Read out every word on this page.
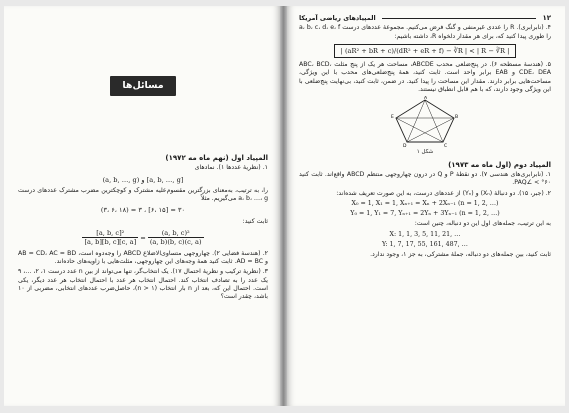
مسائل‌ها
المپیاد اول (نهم ماه مه ۱۹۷۲)

۱. (نظریهٔ عددها ۱). نمادهای

(a, b, …, g) و [a, b, …, g]

را، به ترتیب، به‌معنای بزرگترین مقسوم‌علیه مشترک و کوچکترین مضرب مشترک عددهای درست a، b، …، g می‌گیریم. مثلاً

(۳، ۶، ۱۸) = ۳ ، [۶، ۱۵] = ۳۰

ثابت کنید:

$\frac{\text{[a, b, c]²}}{[a, b][b, c][c, a]} = \frac{\text{(a, b, c)²}}{(a, b)(b, c)(c, a)}$

۲. (هندسهٔ فضایی ۲). چهاروجهی متساوی‌الاضلاع ABCD را وجه‌دوه است، AB = CD، AC = BD و AD = BC. ثابت کنید همهٔ وجه‌های این چهاروجهی، مثلث‌هایی با زاویه‌های حاده‌اند.

۳. (نظریهٔ ترکیب و نظریهٔ احتمال ۱۷). یک انتخاب‌گر، تنها می‌تواند از بین n عدد درست ۱، ۲، …، ۹ یک عدد را به تصادف انتخاب کند. احتمال انتخاب هر عدد با احتمال انتخاب هر عدد دیگر، یکی است. احتمال این که، بعد از n بار انتخاب (n > ۱)، حاصل‌ضرب عددهای انتخابی، مضربی از ۱۰ باشد، چقدر است؟

۱۲
المپیادهای ریاضی آمریکا

۴. (نابرابری). R را عددی غیرمنفی و گنگ فرض می‌کنیم. مجموعهٔ عددهای درست a، b، c، d، e، f را طوری پیدا کنید که، برای هر مقدار دلخواه R، داشته باشیم:

| (aR² + bR + c)/(dR² + eR + f) − ∛R | < | R − ∛R |

۵. (هندسهٔ مسطحه ۶). در پنج‌ضلعی محدب ABCDE، مساحت هر یک از پنج مثلث ABC، BCD، CDE، DEA و EAB برابر واحد است. ثابت کنید، همهٔ پنج‌ضلعی‌های محدب با این ویژگی، مساحت‌هایی برابر دارند. مقدار این مساحت را پیدا کنید. در ضمن، ثابت کنید، بی‌نهایت پنج‌ضلعی با این ویژگی وجود دارند، که با هم قابل انطباق نیستند.

A
B
C
D
E
شکل ۱
المپیاد دوم (اول ماه مه ۱۹۷۳)

۱. (نابرابری‌های هندسی ۷). دو نقطهٔ P و Q در درون چهاروجهی منتظم ABCD واقع‌اند. ثابت کنید PAQ∠ < °۶۰.

۲. (جبر، ۱۵). دو دنبالهٔ (Xₙ) و (Yₙ) از عددهای درست، به این صورت تعریف شده‌اند:

X₀ = 1, X₁ = 1, Xₙ₊₁ = Xₙ + 2Xₙ₋₁ (n = 1, 2, …)
Y₀ = 1, Y₁ = 7, Yₙ₊₁ = 2Yₙ + 3Yₙ₋₁ (n = 1, 2, …)

به این ترتیب، جمله‌های اول این دو دنباله، چنین است:

X: 1, 1, 3, 5, 11, 21, …
Y: 1, 7, 17, 55, 161, 487, …

ثابت کنید، بین جمله‌های دو دنباله، جملهٔ مشترکی، به جز ۱، وجود ندارد.
